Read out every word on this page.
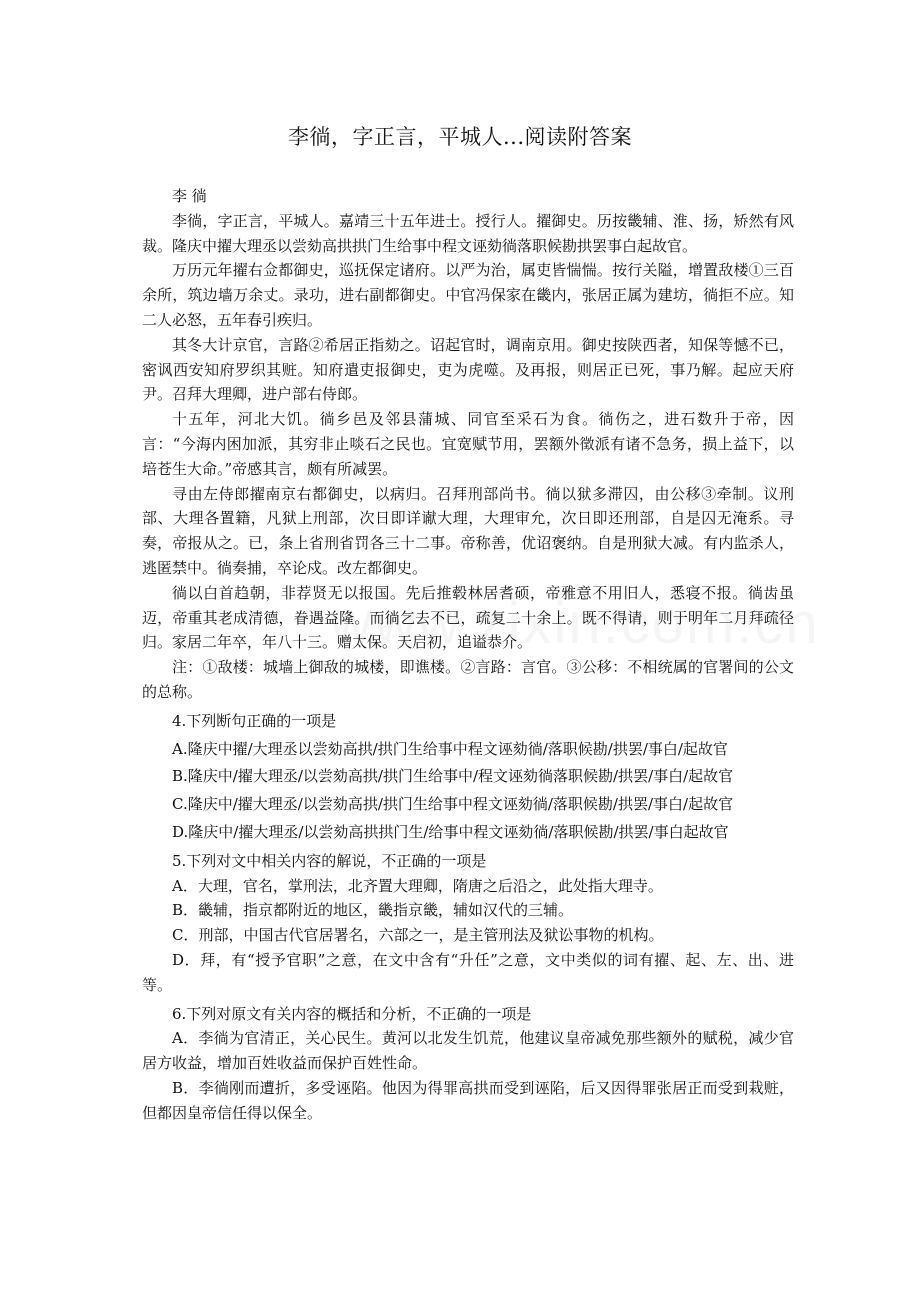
李徜，字正言，平城人...阅读附答案

李 徜

李徜，字正言，平城人。嘉靖三十五年进士。授行人。擢御史。历按畿辅、淮、扬，矫然有风裁。隆庆中擢大理丞以尝劾高拱拱门生给事中程文诬劾徜落职候勘拱罢事白起故官。

万历元年擢右佥都御史，巡抚保定诸府。以严为治，属吏皆惴惴。按行关隘，增置敌楼①三百余所，筑边墙万余丈。录功，进右副都御史。中官冯保家在畿内，张居正属为建坊，徜拒不应。知二人必怒，五年春引疾归。

其冬大计京官，言路②希居正指劾之。诏起官时，调南京用。御史按陕西者，知保等憾不已，密讽西安知府罗织其赃。知府遣吏报御史，吏为虎噬。及再报，则居正已死，事乃解。起应天府尹。召拜大理卿，进户部右侍郎。

十五年，河北大饥。徜乡邑及邻县蒲城、同官至采石为食。徜伤之，进石数升于帝，因言：“今海内困加派，其穷非止啖石之民也。宜宽赋节用，罢额外徵派有诸不急务，损上益下，以培苍生大命。”帝感其言，颇有所减罢。

寻由左侍郎擢南京右都御史，以病归。召拜刑部尚书。徜以狱多滞囚，由公移③牵制。议刑部、大理各置籍，凡狱上刑部，次日即详谳大理，大理审允，次日即还刑部，自是囚无淹系。寻奏，帝报从之。已，条上省刑省罚各三十二事。帝称善，优诏褒纳。自是刑狱大减。有内监杀人，逃匿禁中。徜奏捕，卒论戍。改左都御史。

徜以白首趋朝，非荐贤无以报国。先后推毂林居耆硕，帝雅意不用旧人，悉寝不报。徜齿虽迈，帝重其老成清德，眷遇益隆。而徜乞去不已，疏复二十余上。既不得请，则于明年二月拜疏径归。家居二年卒，年八十三。赠太保。天启初，追谥恭介。

注：①敌楼：城墙上御敌的城楼，即谯楼。②言路：言官。③公移：不相统属的官署间的公文的总称。

4.下列断句正确的一项是

A.隆庆中擢/大理丞以尝劾高拱/拱门生给事中程文诬劾徜/落职候勘/拱罢/事白/起故官

B.隆庆中/擢大理丞/以尝劾高拱/拱门生给事中/程文诬劾徜落职候勘/拱罢/事白/起故官

C.隆庆中/擢大理丞/以尝劾高拱/拱门生给事中程文诬劾徜/落职候勘/拱罢/事白/起故官

D.隆庆中/擢大理丞/以尝劾高拱拱门生/给事中程文诬劾徜/落职候勘/拱罢/事白起故官

5.下列对文中相关内容的解说，不正确的一项是

A．大理，官名，掌刑法，北齐置大理卿，隋唐之后沿之，此处指大理寺。

B．畿辅，指京都附近的地区，畿指京畿，辅如汉代的三辅。

C．刑部，中国古代官居署名，六部之一，是主管刑法及狱讼事物的机构。

D．拜，有“授予官职”之意，在文中含有“升任”之意，文中类似的词有擢、起、左、出、进等。

6.下列对原文有关内容的概括和分析，不正确的一项是

A．李徜为官清正，关心民生。黄河以北发生饥荒，他建议皇帝减免那些额外的赋税，减少官居方收益，增加百姓收益而保护百姓性命。

B．李徜刚而遭折，多受诬陷。他因为得罪高拱而受到诬陷，后又因得罪张居正而受到栽赃，但都因皇帝信任得以保全。
